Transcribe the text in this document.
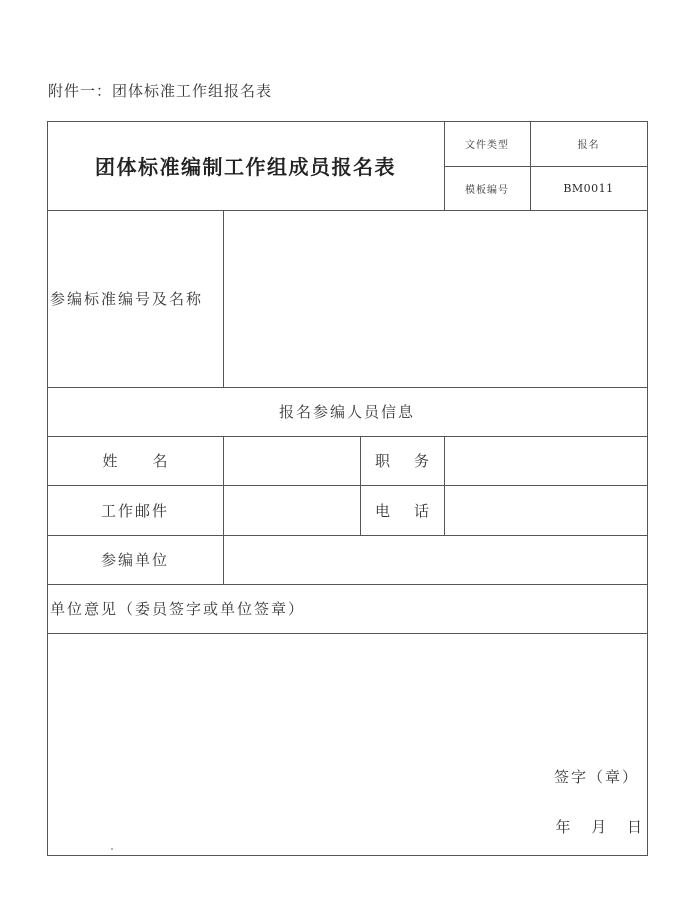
附件一：团体标准工作组报名表
团体标准编制工作组成员报名表
文件类型	报名
模板编号	BM0011
参编标准编号及名称
报名参编人员信息
姓名	职务
工作邮件	电话
参编单位
单位意见（委员签字或单位签章）
签字（章）
年 月 日
